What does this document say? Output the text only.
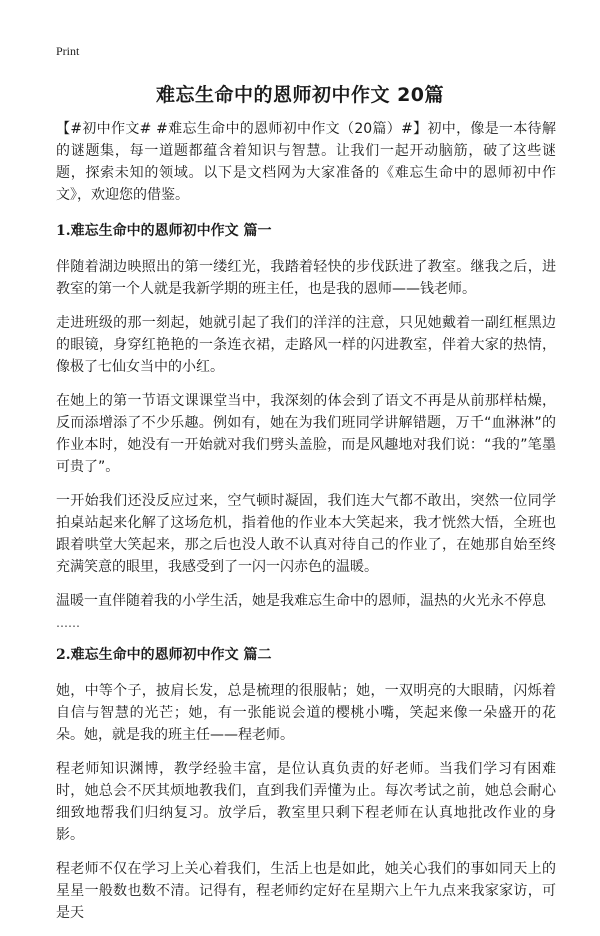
Print
难忘生命中的恩师初中作文 20篇

【#初中作文# #难忘生命中的恩师初中作文（20篇）#】初中，像是一本待解的谜题集，每一道题都蕴含着知识与智慧。让我们一起开动脑筋，破了这些谜题，探索未知的领域。以下是文档网为大家准备的《难忘生命中的恩师初中作文》，欢迎您的借鉴。

1.难忘生命中的恩师初中作文 篇一

伴随着湖边映照出的第一缕红光，我踏着轻快的步伐跃进了教室。继我之后，进教室的第一个人就是我新学期的班主任，也是我的恩师——钱老师。

走进班级的那一刻起，她就引起了我们的洋洋的注意，只见她戴着一副红框黑边的眼镜，身穿红艳艳的一条连衣裙，走路风一样的闪进教室，伴着大家的热情，像极了七仙女当中的小红。

在她上的第一节语文课课堂当中，我深刻的体会到了语文不再是从前那样枯燥，反而添增添了不少乐趣。例如有，她在为我们班同学讲解错题，万千“血淋淋”的作业本时，她没有一开始就对我们劈头盖脸，而是风趣地对我们说：“我的”笔墨可贵了”。

一开始我们还没反应过来，空气顿时凝固，我们连大气都不敢出，突然一位同学拍桌站起来化解了这场危机，指着他的作业本大笑起来，我才恍然大悟，全班也跟着哄堂大笑起来，那之后也没人敢不认真对待自己的作业了，在她那自始至终充满笑意的眼里，我感受到了一闪一闪赤色的温暖。

温暖一直伴随着我的小学生活，她是我难忘生命中的恩师，温热的火光永不停息

……
2.难忘生命中的恩师初中作文 篇二

她，中等个子，披肩长发，总是梳理的很服帖；她，一双明亮的大眼睛，闪烁着自信与智慧的光芒；她，有一张能说会道的樱桃小嘴，笑起来像一朵盛开的花朵。她，就是我的班主任——程老师。

程老师知识渊博，教学经验丰富，是位认真负责的好老师。当我们学习有困难时，她总会不厌其烦地教我们，直到我们弄懂为止。每次考试之前，她总会耐心细致地帮我们归纳复习。放学后，教室里只剩下程老师在认真地批改作业的身影。

程老师不仅在学习上关心着我们，生活上也是如此，她关心我们的事如同天上的星星一般数也数不清。记得有，程老师约定好在星期六上午九点来我家家访，可是天
